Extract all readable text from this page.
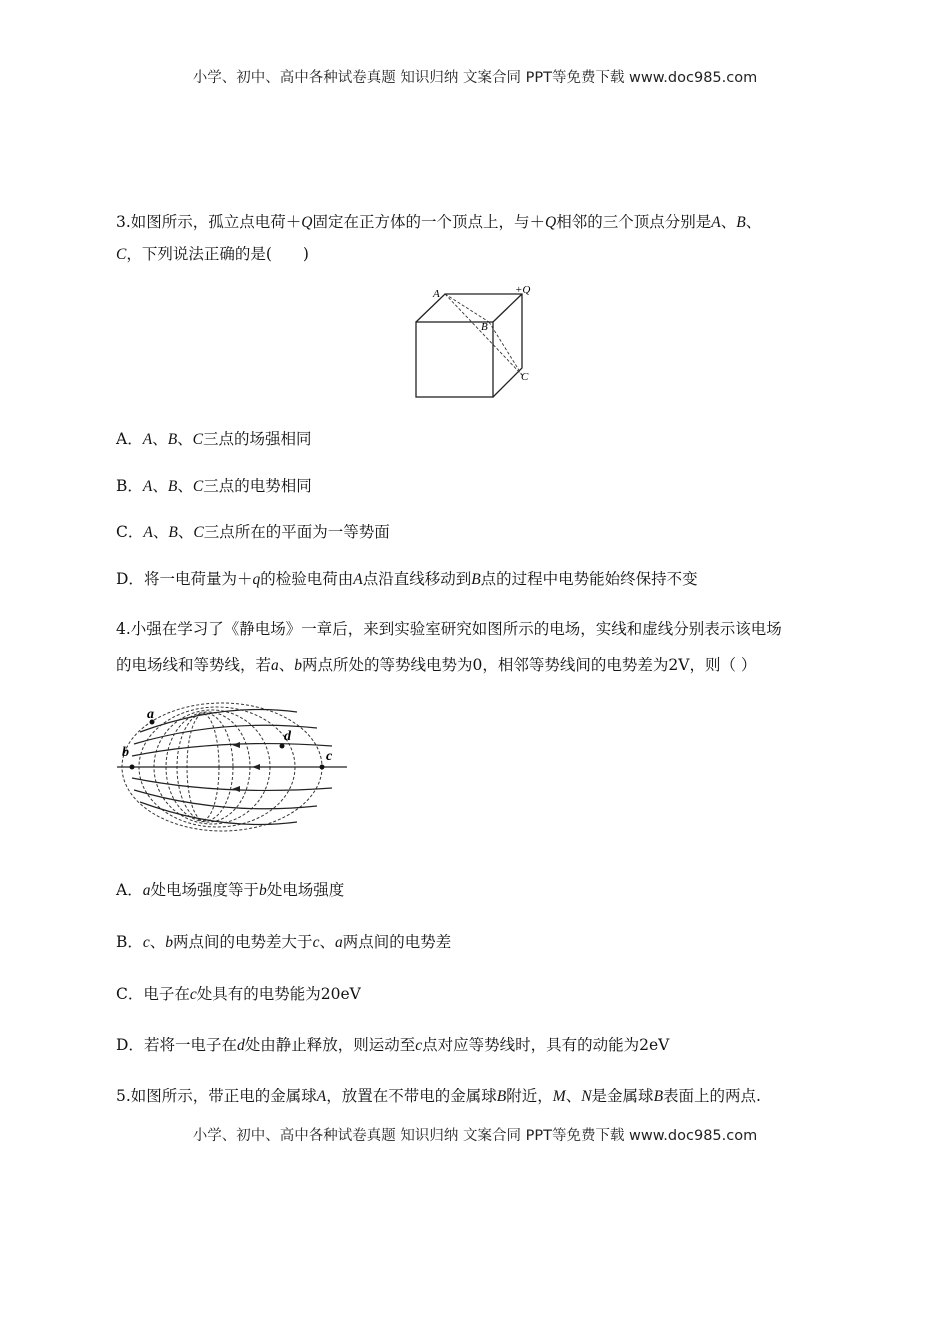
小学、初中、高中各种试卷真题 知识归纳 文案合同 PPT等免费下载 www.doc985.com
3.如图所示，孤立点电荷＋Q固定在正方体的一个顶点上，与＋Q相邻的三个顶点分别是A、B、
C，下列说法正确的是(　　)
A
B
C
+Q
A．A、B、C三点的场强相同
B．A、B、C三点的电势相同
C．A、B、C三点所在的平面为一等势面
D．将一电荷量为＋q的检验电荷由A点沿直线移动到B点的过程中电势能始终保持不变
4.小强在学习了《静电场》一章后，来到实验室研究如图所示的电场，实线和虚线分别表示该电场
的电场线和等势线，若a、b两点所处的等势线电势为0，相邻等势线间的电势差为2V，则（ ）
a
b	c
d
A．a处电场强度等于b处电场强度
B．c、b两点间的电势差大于c、a两点间的电势差
C．电子在c处具有的电势能为20eV
D．若将一电子在d处由静止释放，则运动至c点对应等势线时，具有的动能为2eV
5.如图所示，带正电的金属球A，放置在不带电的金属球B附近，M、N是金属球B表面上的两点.
小学、初中、高中各种试卷真题 知识归纳 文案合同 PPT等免费下载 www.doc985.com
